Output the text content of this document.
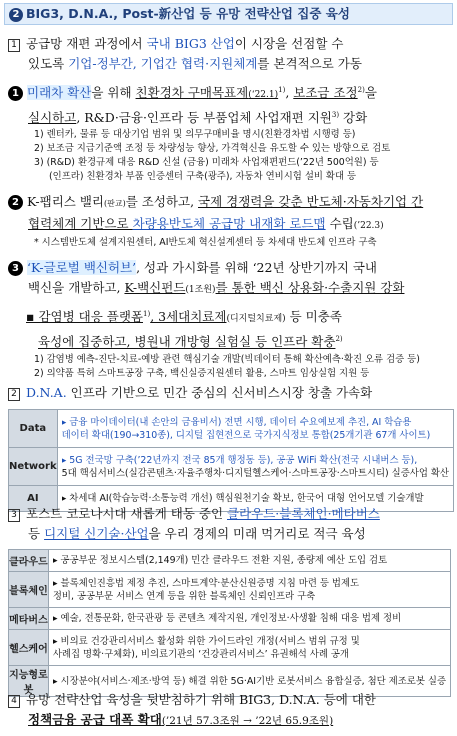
2 BIG3, D.N.A., Post-新산업 등 유망 전략산업 집중 육성
1 공급망 재편 과정에서 국내 BIG3 산업이 시장을 선점할 수
있도록 기업-정부간, 기업간 협력·지원체계를 본격적으로 가동
1 미래차 확산을 위해 친환경차 구매목표제(‘22.1)$^{1)}$, 보조금 조정$^{2)}$을
실시하고, R&D·금융·인프라 등 부품업체 사업재편 지원$^{3)}$ 강화
1) 렌터카, 물류 등 대상기업 범위 및 의무구매비율 명시(친환경차법 시행령 등)
2) 보조금 지급기준액 조정 등 차량성능 향상, 가격혁신을 유도할 수 있는 방향으로 검토
3) (R&D) 환경규제 대응 R&D 신설 (금융) 미래차 사업재편펀드(’22년 500억원) 등
(인프라) 친환경차 부품 인증센터 구축(광주), 자동차 연비시험 설비 확대 등
2 K-팹리스 밸리(판교)를 조성하고, 국제 경쟁력을 갖춘 반도체·자동차기업 간
협력체계 기반으로 차량용반도체 공급망 내재화 로드맵 수립(’22.3)
* 시스템반도체 설계지원센터, AI반도체 혁신설계센터 등 차세대 반도체 인프라 구축
3 ‘K-글로벌 백신허브’, 성과 가시화를 위해 ‘22년 상반기까지 국내
백신을 개발하고, K-백신펀드(1조원)를 통한 백신 상용화·수출지원 강화
▪ 감염병 대응 플랫폼$^{1)}$, 3세대치료제(디지털치료제) 등 미충족
육성에 집중하고, 병원내 개방형 실험실 등 인프라 확충$^{2)}$
1) 감염병 예측-진단-치료-예방 관련 핵심기술 개발(빅데이터 통해 확산예측·확진 오류 검증 등)
2) 의약품 특허 스마트공장 구축, 백신실증지원센터 활용, 스마트 임상실험 지원 등
2 D.N.A. 인프라 기반으로 민간 중심의 신서비스시장 창출 가속화
Data	▸ 금융 마이데이터(내 손안의 금융비서) 전면 시행, 데이터 수요예보제 추진, AI 학습용
데이터 확대(190→310종), 디지털 집현전으로 국가지식정보 통합(25개기관 67개 사이트)

Network	▸ 5G 전국망 구축(’22년까지 전국 85개 행정동 등), 공공 WiFi 확산(전국 시내버스 등),
5대 핵심서비스(실감콘텐츠·자율주행차·디지털헬스케어·스마트공장·스마트시티) 실증사업 확산

AI	▸ 차세대 AI(학습능력·소통능력 개선) 핵심원천기술 확보, 한국어 대형 언어모델 기술개발
3 포스트 코로나시대 새롭게 태동 중인 클라우드·블록체인·메타버스
등 디지털 신기술·산업을 우리 경제의 미래 먹거리로 적극 육성
클라우드	▸ 공공부문 정보시스템(2,149개) 민간 클라우드 전환 지원, 종량제 예산 도입 검토

블록체인	▸ 블록체인진흥법 제정 추진, 스마트계약·분산신원증명 지침 마련 등 법제도
정비, 공공부문 서비스 연계 등을 위한 블록체인 신뢰인프라 구축

메타버스	▸ 예술, 전통문화, 한국관광 등 콘텐츠 제작지원, 개인정보·사생활 침해 대응 법제 정비

헬스케어	▸ 비의료 건강관리서비스 활성화 위한 가이드라인 개정(서비스 범위 규정 및
사례집 명확·구체화), 비의료기관의 ‘건강관리서비스’ 유권해석 사례 공개

지능형로봇	▸ 시장분야(서비스·제조·방역 등) 해결 위한 5G·AI기반 로봇서비스 융합실증, 첨단 제조로봇 실증
4 유망 전략산업 육성을 뒷받침하기 위해 BIG3, D.N.A. 등에 대한
정책금융 공급 대폭 확대(’21년 57.3조원 → ’22년 65.9조원)
